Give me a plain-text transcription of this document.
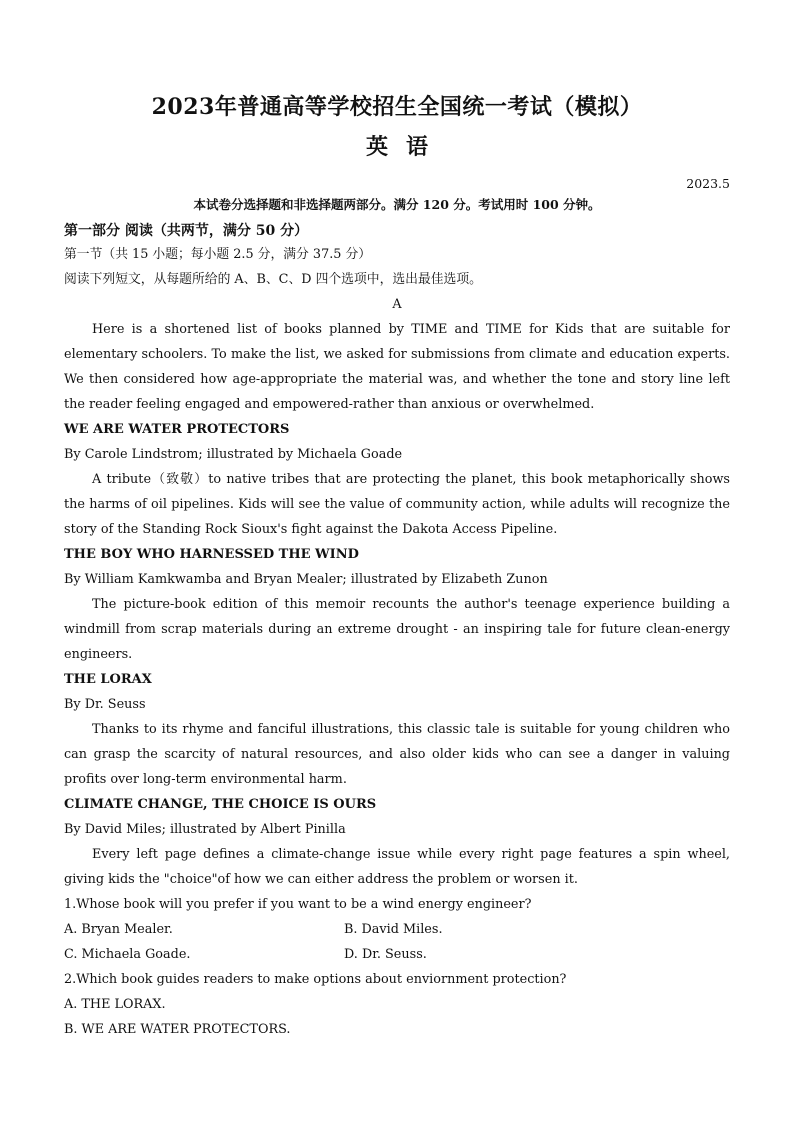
2023年普通高等学校招生全国统一考试（模拟）
英语
2023.5
本试卷分选择题和非选择题两部分。满分 120 分。考试用时 100 分钟。
第一部分 阅读（共两节，满分 50 分）
第一节（共 15 小题；每小题 2.5 分，满分 37.5 分）
阅读下列短文，从每题所给的 A、B、C、D 四个选项中，选出最佳选项。
A
Here is a shortened list of books planned by TIME and TIME for Kids that are suitable for elementary schoolers. To make the list, we asked for submissions from climate and education experts. We then considered how age-appropriate the material was, and whether the tone and story line left the reader feeling engaged and empowered-rather than anxious or overwhelmed.
WE ARE WATER PROTECTORS
By Carole Lindstrom; illustrated by Michaela Goade
A tribute（致敬）to native tribes that are protecting the planet, this book metaphorically shows the harms of oil pipelines. Kids will see the value of community action, while adults will recognize the story of the Standing Rock Sioux's fight against the Dakota Access Pipeline.
THE BOY WHO HARNESSED THE WIND
By William Kamkwamba and Bryan Mealer; illustrated by Elizabeth Zunon
The picture-book edition of this memoir recounts the author's teenage experience building a windmill from scrap materials during an extreme drought - an inspiring tale for future clean-energy engineers.
THE LORAX
By Dr. Seuss
Thanks to its rhyme and fanciful illustrations, this classic tale is suitable for young children who can grasp the scarcity of natural resources, and also older kids who can see a danger in valuing profits over long-term environmental harm.
CLIMATE CHANGE, THE CHOICE IS OURS
By David Miles; illustrated by Albert Pinilla
Every left page defines a climate-change issue while every right page features a spin wheel, giving kids the "choice"of how we can either address the problem or worsen it.
1.Whose book will you prefer if you want to be a wind energy engineer?
A. Bryan Mealer.	B. David Miles.
C. Michaela Goade.	D. Dr. Seuss.
2.Which book guides readers to make options about enviornment protection?
A. THE LORAX.
B. WE ARE WATER PROTECTORS.
